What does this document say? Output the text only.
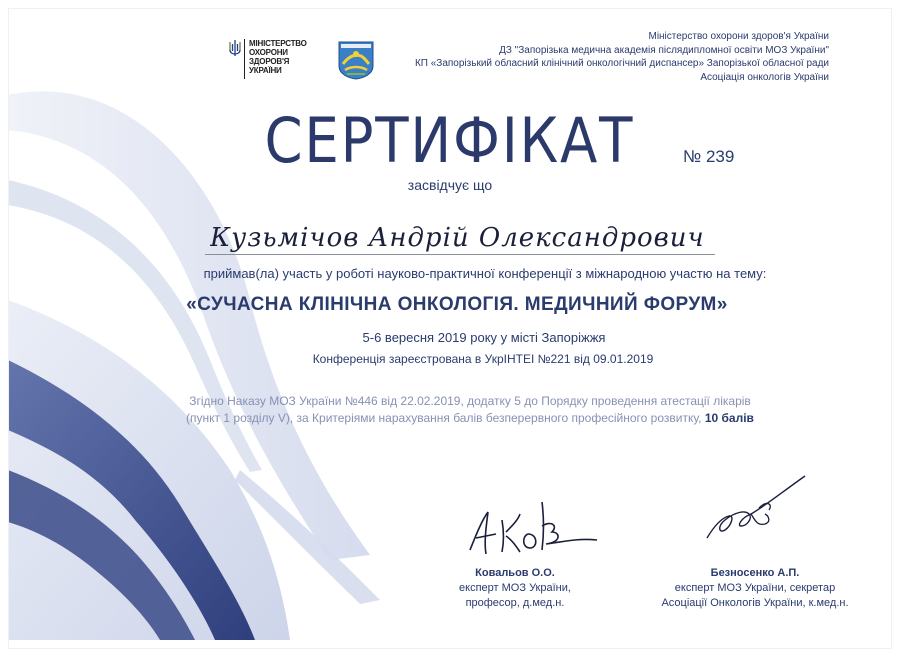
МІНІСТЕРСТВО
ОХОРОНИ
ЗДОРОВ'Я
УКРАЇНИ
Міністерство охорони здоров'я України
ДЗ "Запорізька медична академія післядипломної освіти МОЗ України"
КП «Запорізький обласний клінічний онкологічний диспансер» Запорізької обласної ради
Асоціація онкологів України
СЕРТИФІКАТ	№ 239
засвідчує що
Кузьмічов Андрій Олександрович
приймав(ла) участь у роботі науково-практичної конференції з міжнародною участю на тему:
«СУЧАСНА КЛІНІЧНА ОНКОЛОГІЯ. МЕДИЧНИЙ ФОРУМ»
5-6 вересня 2019 року у місті Запоріжжя
Конференція зареєстрована в УкрІНТЕІ №221 від 09.01.2019
Згідно Наказу МОЗ України №446 від 22.02.2019, додатку 5 до Порядку проведення атестації лікарів
(пункт 1 розділу V), за Критеріями нарахування балів безперервного професійного розвитку, 10 балів
Ковальов О.О.
експерт МОЗ України,
професор, д.мед.н.
Безносенко А.П.
експерт МОЗ України, секретар
Асоціації Онкологів України, к.мед.н.
